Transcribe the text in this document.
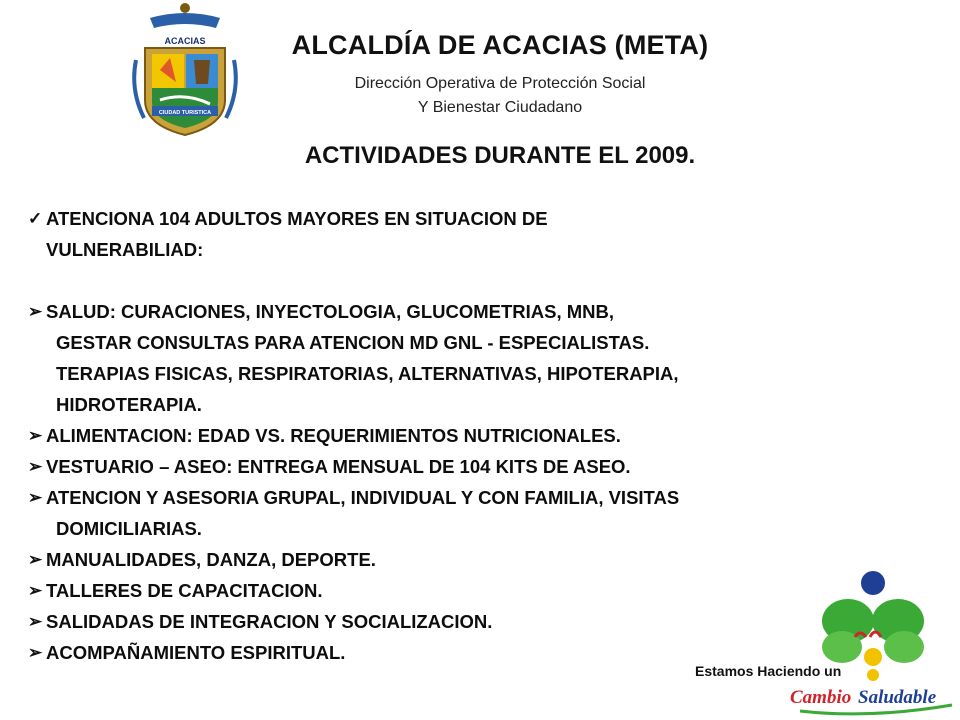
ACACIAS
CIUDAD TURISTICA
ALCALDÍA DE ACACIAS (META)
Dirección Operativa de Protección Social
Y Bienestar Ciudadano
ACTIVIDADES DURANTE EL 2009.
✓ ATENCIONA 104 ADULTOS MAYORES EN SITUACION DE
VULNERABILIAD:
➢ SALUD: CURACIONES, INYECTOLOGIA, GLUCOMETRIAS, MNB,
GESTAR CONSULTAS PARA ATENCION MD GNL - ESPECIALISTAS.
TERAPIAS FISICAS, RESPIRATORIAS, ALTERNATIVAS, HIPOTERAPIA,
HIDROTERAPIA.
➢ ALIMENTACION: EDAD VS. REQUERIMIENTOS NUTRICIONALES.
➢ VESTUARIO – ASEO: ENTREGA MENSUAL DE 104 KITS DE ASEO.
➢ ATENCION Y ASESORIA GRUPAL, INDIVIDUAL Y CON FAMILIA, VISITAS
DOMICILIARIAS.
➢ MANUALIDADES, DANZA, DEPORTE.
➢ TALLERES DE CAPACITACION.
➢ SALIDADAS DE INTEGRACION Y SOCIALIZACION.
➢ ACOMPAÑAMIENTO ESPIRITUAL.
Estamos Haciendo un
Cambio Saludable
